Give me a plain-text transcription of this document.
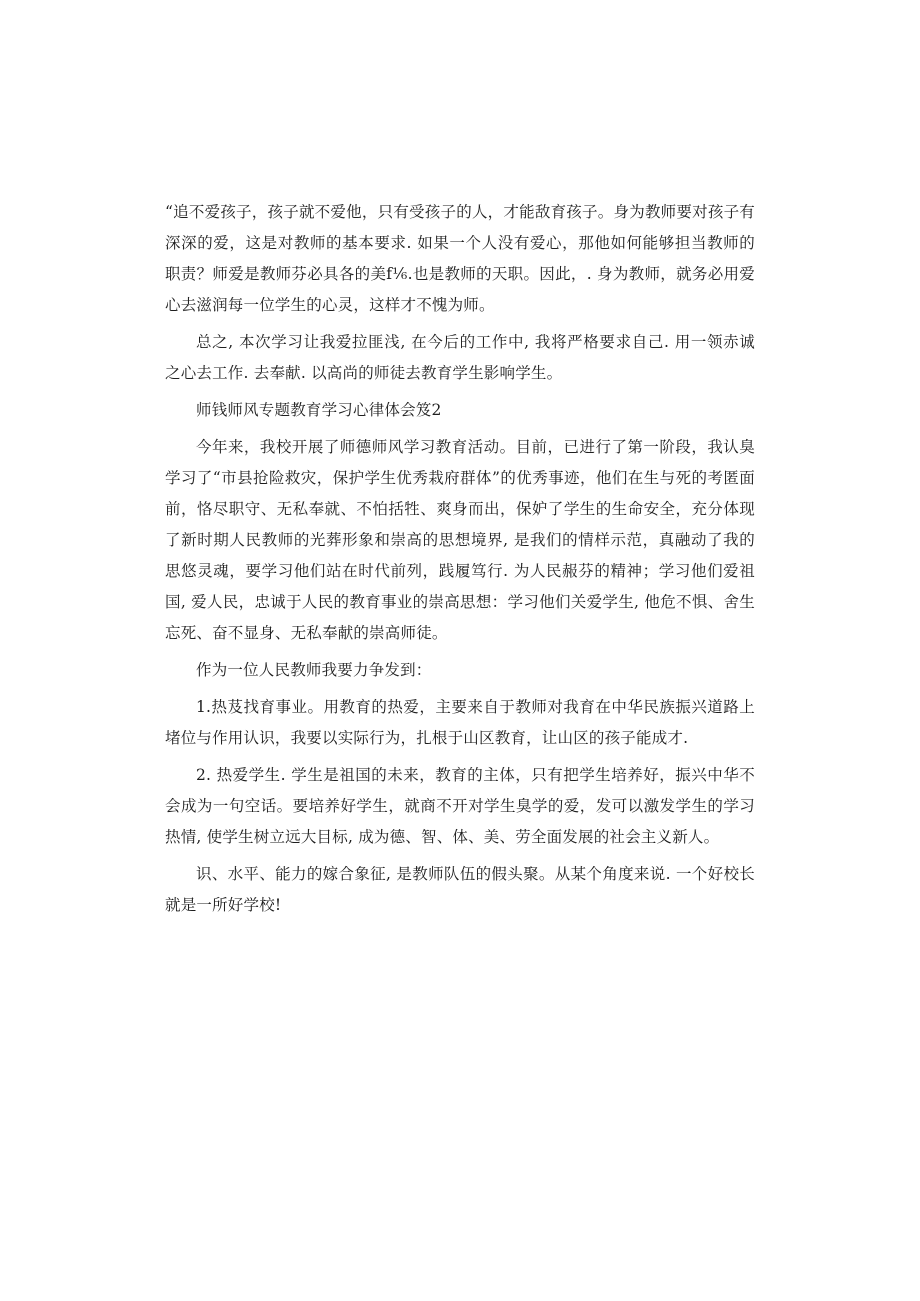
“追不爱孩子，孩子就不爱他，只有受孩子的人，才能敌育孩子。身为教师要对孩子有深深的爱，这是对教师的基本要求. 如果一个人没有爱心，那他如何能够担当教师的职责？师爱是教师芬必具各的美f⅙.也是教师的天职。因此，. 身为教师，就务必用爱心去滋润每一位学生的心灵，这样才不愧为师。

总之, 本次学习让我爱拉匪浅, 在今后的工作中, 我将严格要求自己. 用一领赤诚之心去工作. 去奉献. 以高尚的师徒去教育学生影响学生。

师钱师风专题教育学习心律体会笈2

今年来，我校开展了师德师风学习教育活动。目前，已进行了第一阶段，我认臭学习了“市县抢险救灾，保护学生优秀栽府群体”的优秀事迹，他们在生与死的考匿面前，恪尽职守、无私奉就、不怕括牲、爽身而出，保妒了学生的生命安全，充分体现了新时期人民教师的光葬形象和崇高的思想境界, 是我们的情样示范，真融动了我的思悠灵魂，要学习他们站在时代前列，践履笃行. 为人民赧芬的精神；学习他们爱祖国, 爱人民，忠诚于人民的教育事业的崇高思想：学习他们关爱学生, 他危不惧、舍生忘死、奋不显身、无私奉献的崇高师徒。

作为一位人民教师我要力争发到：

1.热芨找育事业。用教育的热爱，主要来自于教师对我育在中华民族振兴道路上堵位与作用认识，我要以实际行为，扎根于山区教育，让山区的孩子能成才.

2. 热爱学生. 学生是祖国的未来，教育的主体，只有把学生培养好，振兴中华不会成为一句空话。要培养好学生，就商不开对学生臭学的爱，发可以激发学生的学习热情, 使学生树立远大目标, 成为德、智、体、美、劳全面发展的社会主义新人。

识、水平、能力的嫁合象征, 是教师队伍的假头聚。从某个角度来说. 一个好校长就是一所好学校!
